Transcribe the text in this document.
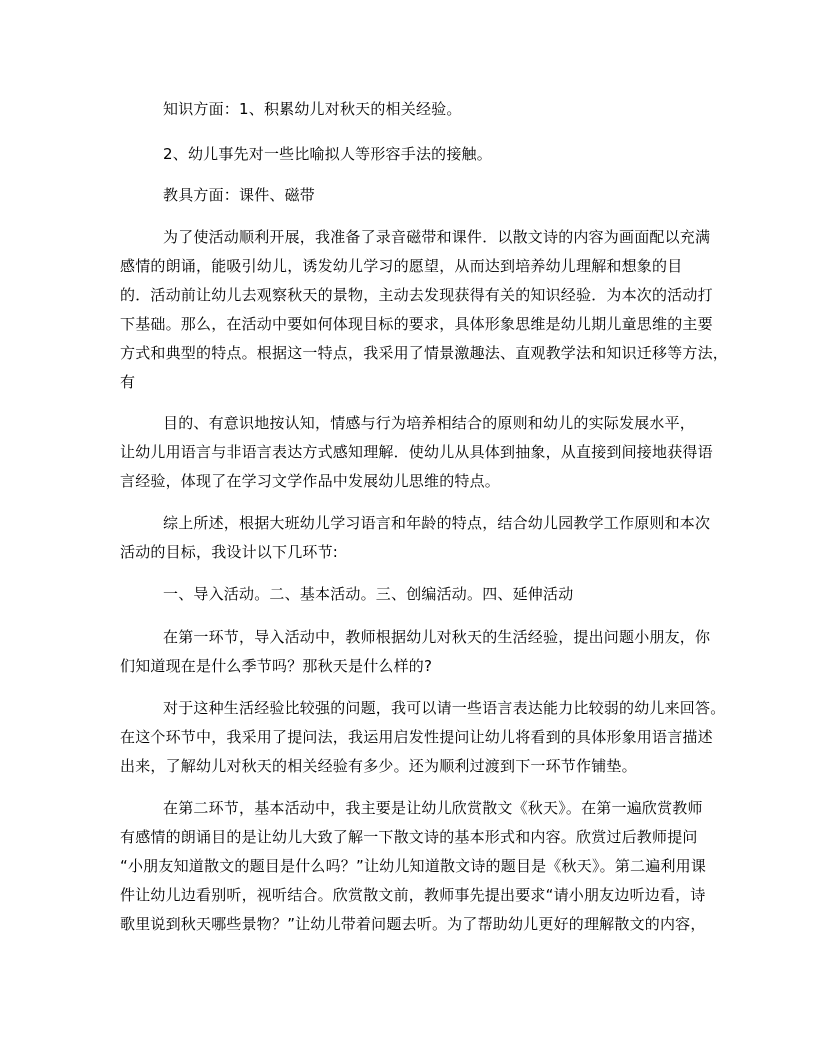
知识方面：1、积累幼儿对秋天的相关经验。
2、幼儿事先对一些比喻拟人等形容手法的接触。
教具方面：课件、磁带
为了使活动顺利开展，我准备了录音磁带和课件．以散文诗的内容为画面配以充满
感情的朗诵，能吸引幼儿，诱发幼儿学习的愿望，从而达到培养幼儿理解和想象的目
的．活动前让幼儿去观察秋天的景物，主动去发现获得有关的知识经验．为本次的活动打
下基础。那么，在活动中要如何体现目标的要求，具体形象思维是幼儿期儿童思维的主要
方式和典型的特点。根据这一特点，我采用了情景激趣法、直观教学法和知识迁移等方法，
有
目的、有意识地按认知，情感与行为培养相结合的原则和幼儿的实际发展水平，
让幼儿用语言与非语言表达方式感知理解．使幼儿从具体到抽象，从直接到间接地获得语
言经验，体现了在学习文学作品中发展幼儿思维的特点。
综上所述，根据大班幼儿学习语言和年龄的特点，结合幼儿园教学工作原则和本次
活动的目标，我设计以下几环节:
一、导入活动。二、基本活动。三、创编活动。四、延伸活动
在第一环节，导入活动中，教师根据幼儿对秋天的生活经验，提出问题小朋友，你
们知道现在是什么季节吗？那秋天是什么样的?
对于这种生活经验比较强的问题，我可以请一些语言表达能力比较弱的幼儿来回答。
在这个环节中，我采用了提问法，我运用启发性提问让幼儿将看到的具体形象用语言描述
出来，了解幼儿对秋天的相关经验有多少。还为顺利过渡到下一环节作铺垫。
在第二环节，基本活动中，我主要是让幼儿欣赏散文《秋天》。在第一遍欣赏教师
有感情的朗诵目的是让幼儿大致了解一下散文诗的基本形式和内容。欣赏过后教师提问
“小朋友知道散文的题目是什么吗？”让幼儿知道散文诗的题目是《秋天》。第二遍利用课
件让幼儿边看别听，视听结合。欣赏散文前，教师事先提出要求“请小朋友边听边看，诗
歌里说到秋天哪些景物？”让幼儿带着问题去听。为了帮助幼儿更好的理解散文的内容，
